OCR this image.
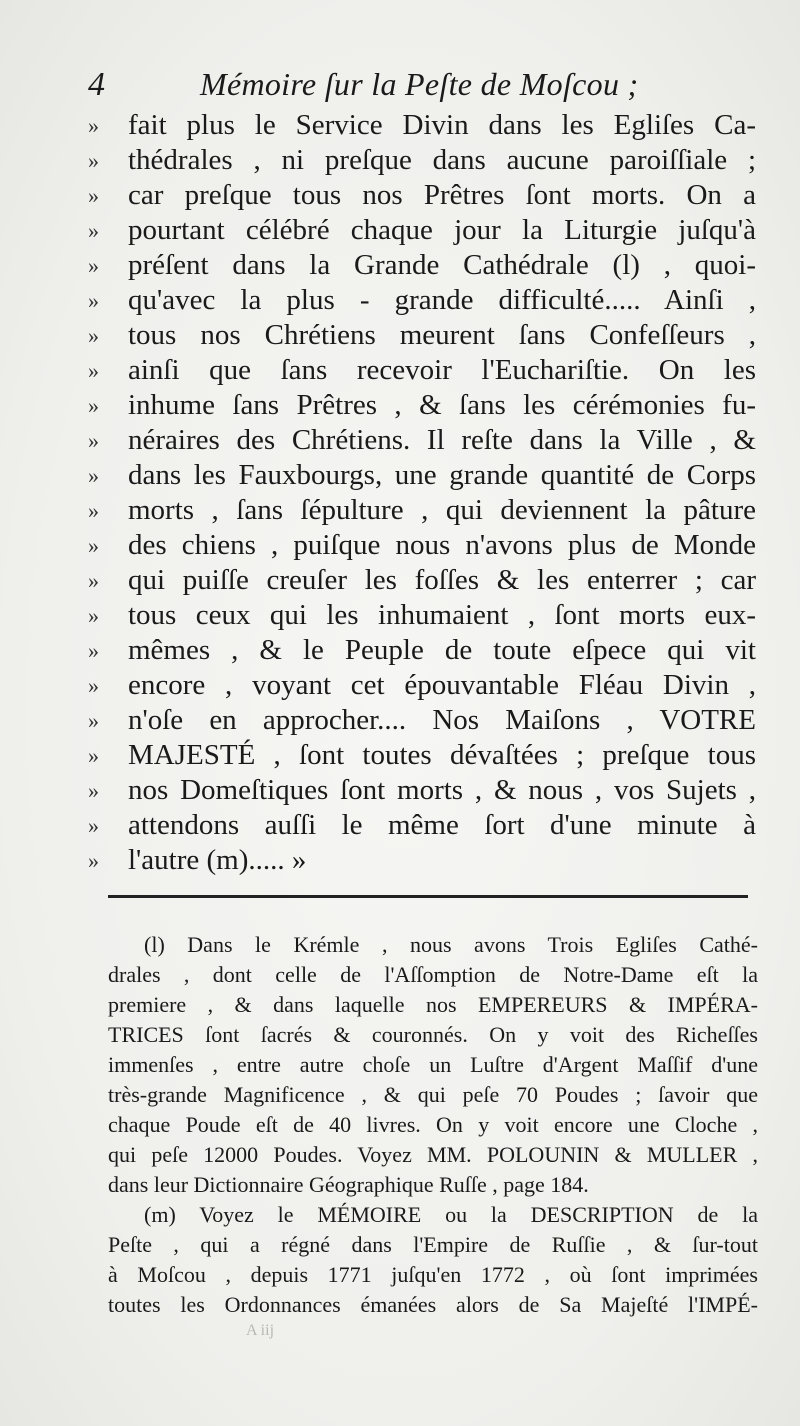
4	Mémoire ſur la Peſte de Moſcou ;
»	fait plus le Service Divin dans les Egliſes Ca-
»	thédrales , ni preſque dans aucune paroiſſiale ;
»	car preſque tous nos Prêtres ſont morts. On a
»	pourtant célébré chaque jour la Liturgie juſqu'à
»	préſent dans la Grande Cathédrale (l) , quoi-
»	qu'avec la plus - grande difficulté..... Ainſi ,
»	tous nos Chrétiens meurent ſans Confeſſeurs ,
»	ainſi que ſans recevoir l'Euchariſtie. On les
»	inhume ſans Prêtres , & ſans les cérémonies fu-
»	néraires des Chrétiens. Il reſte dans la Ville , &
»	dans les Fauxbourgs, une grande quantité de Corps
»	morts , ſans ſépulture , qui deviennent la pâture
»	des chiens , puiſque nous n'avons plus de Monde
»	qui puiſſe creuſer les foſſes & les enterrer ; car
»	tous ceux qui les inhumaient , ſont morts eux-
»	mêmes , & le Peuple de toute eſpece qui vit
»	encore , voyant cet épouvantable Fléau Divin ,
»	n'oſe en approcher.... Nos Maiſons , VOTRE
»	MAJESTÉ , ſont toutes dévaſtées ; preſque tous
»	nos Domeſtiques ſont morts , & nous , vos Sujets ,
»	attendons auſſi le même ſort d'une minute à
»	l'autre (m)..... »
(l) Dans le Krémle , nous avons Trois Egliſes Cathé-
drales , dont celle de l'Aſſomption de Notre-Dame eſt la
premiere , & dans laquelle nos EMPEREURS & IMPÉRA-
TRICES ſont ſacrés & couronnés. On y voit des Richeſſes
immenſes , entre autre choſe un Luſtre d'Argent Maſſif d'une
très-grande Magnificence , & qui peſe 70 Poudes ; ſavoir que
chaque Poude eſt de 40 livres. On y voit encore une Cloche ,
qui peſe 12000 Poudes. Voyez MM. POLOUNIN & MULLER ,
dans leur Dictionnaire Géographique Ruſſe , page 184.
(m) Voyez le MÉMOIRE ou la DESCRIPTION de la
Peſte , qui a régné dans l'Empire de Ruſſie , & ſur-tout
à Moſcou , depuis 1771 juſqu'en 1772 , où ſont imprimées
toutes les Ordonnances émanées alors de Sa Majeſté l'IMPÉ-
A iij
